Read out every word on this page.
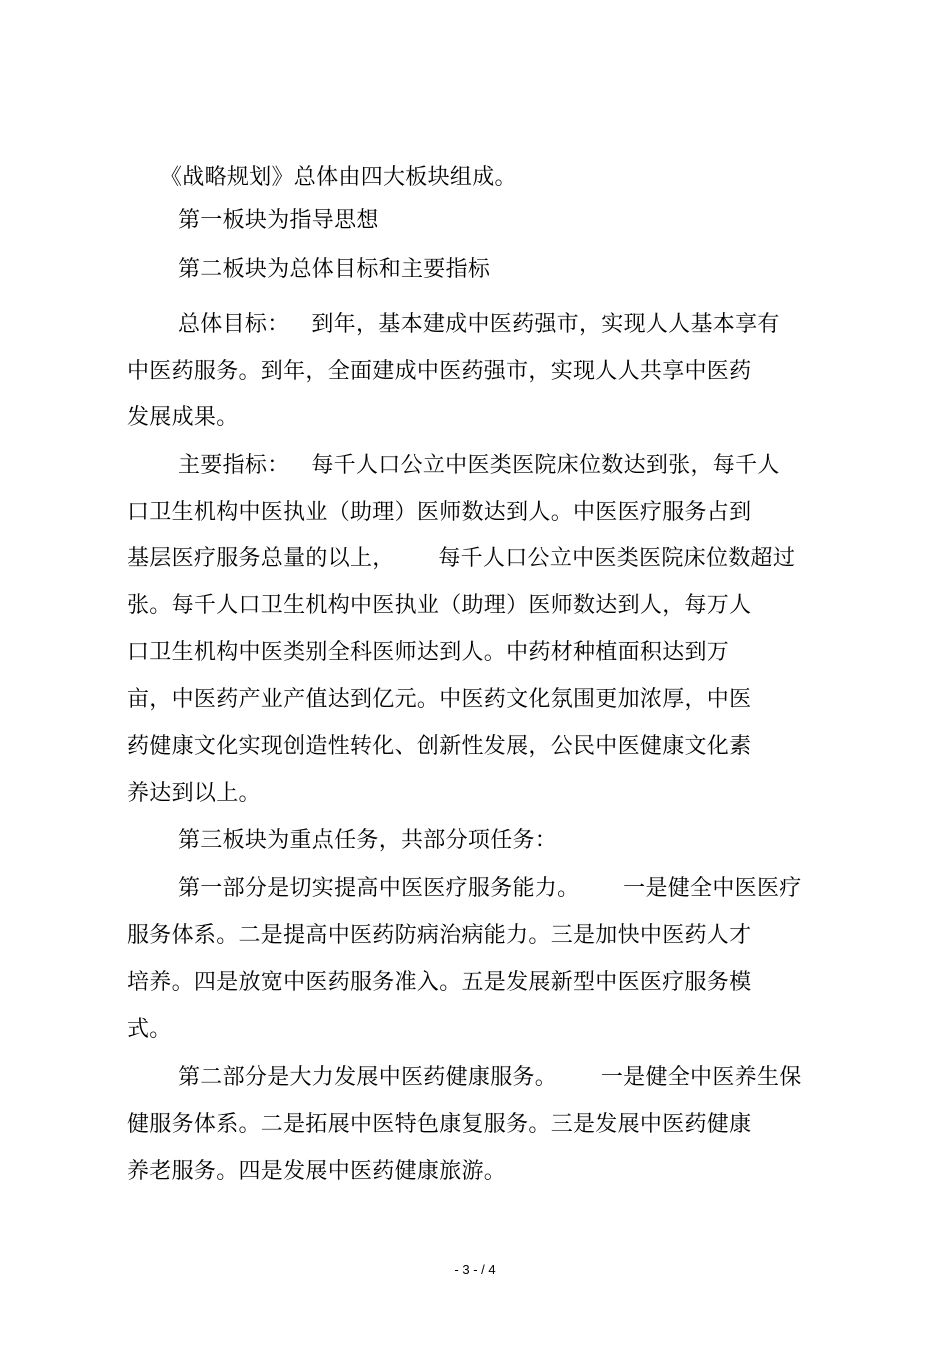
《战略规划》总体由四大板块组成。
第一板块为指导思想
第二板块为总体目标和主要指标
总体目标：   到年，基本建成中医药强市，实现人人基本享有
中医药服务。到年，全面建成中医药强市，实现人人共享中医药
发展成果。
主要指标：   每千人口公立中医类医院床位数达到张，每千人
口卫生机构中医执业（助理）医师数达到人。中医医疗服务占到
基层医疗服务总量的以上，      每千人口公立中医类医院床位数超过
张。每千人口卫生机构中医执业（助理）医师数达到人，每万人
口卫生机构中医类别全科医师达到人。中药材种植面积达到万
亩，中医药产业产值达到亿元。中医药文化氛围更加浓厚，中医
药健康文化实现创造性转化、创新性发展，公民中医健康文化素
养达到以上。
第三板块为重点任务，共部分项任务：
第一部分是切实提高中医医疗服务能力。      一是健全中医医疗
服务体系。二是提高中医药防病治病能力。三是加快中医药人才
培养。四是放宽中医药服务准入。五是发展新型中医医疗服务模
式。
第二部分是大力发展中医药健康服务。      一是健全中医养生保
健服务体系。二是拓展中医特色康复服务。三是发展中医药健康
养老服务。四是发展中医药健康旅游。
- 3 - / 4
